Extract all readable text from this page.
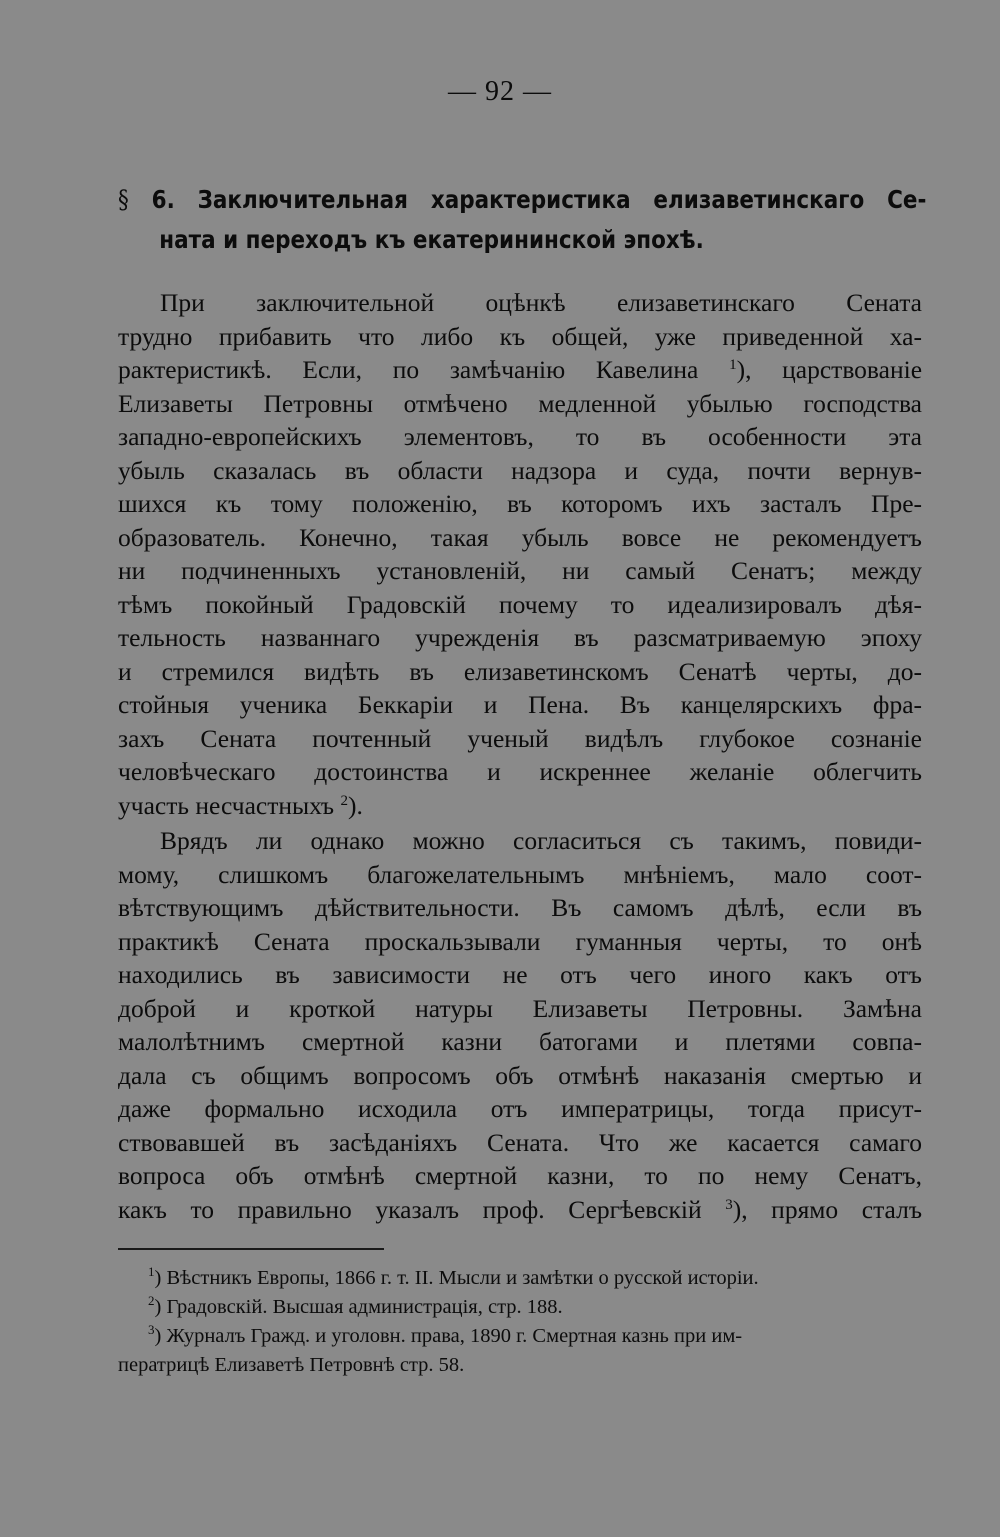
— 92 —
§ 6. Заключительная характеристика елизаветинскаго Се-
ната и переходъ къ екатерининской эпохѣ.
При заключительной оцѣнкѣ елизаветинскаго Сената
трудно прибавить что либо къ общей, уже приведенной ха-
рактеристикѣ. Если, по замѣчанію Кавелина $^1$), царствованіе
Елизаветы Петровны отмѣчено медленной убылью господства
западно-европейскихъ элементовъ, то въ особенности эта
убыль сказалась въ области надзора и суда, почти вернув-
шихся къ тому положенію, въ которомъ ихъ засталъ Пре-
образователь. Конечно, такая убыль вовсе не рекомендуетъ
ни подчиненныхъ установленій, ни самый Сенатъ; между
тѣмъ покойный Градовскій почему то идеализировалъ дѣя-
тельность названнаго учрежденія въ разсматриваемую эпоху
и стремился видѣть въ елизаветинскомъ Сенатѣ черты, до-
стойныя ученика Беккаріи и Пена. Въ канцелярскихъ фра-
захъ Сената почтенный ученый видѣлъ глубокое сознаніе
человѣческаго достоинства и искреннее желаніе облегчить
участь несчастныхъ $^2$).
Врядъ ли однако можно согласиться съ такимъ, повиди-
мому, слишкомъ благожелательнымъ мнѣніемъ, мало соот-
вѣтствующимъ дѣйствительности. Въ самомъ дѣлѣ, если въ
практикѣ Сената проскальзывали гуманныя черты, то онѣ
находились въ зависимости не отъ чего иного какъ отъ
доброй и кроткой натуры Елизаветы Петровны. Замѣна
малолѣтнимъ смертной казни батогами и плетями совпа-
дала съ общимъ вопросомъ объ отмѣнѣ наказанія смертью и
даже формально исходила отъ императрицы, тогда присут-
ствовавшей въ засѣданіяхъ Сената. Что же касается самаго
вопроса объ отмѣнѣ смертной казни, то по нему Сенатъ,
какъ то правильно указалъ проф. Сергѣевскій $^3$), прямо сталъ
$^1$) Вѣстникъ Европы, 1866 г. т. II. Мысли и замѣтки о русской исторіи.
$^2$) Градовскій. Высшая администрація, стр. 188.
$^3$) Журналъ Гражд. и уголовн. права, 1890 г. Смертная казнь при им-
ператрицѣ Елизаветѣ Петровнѣ стр. 58.
